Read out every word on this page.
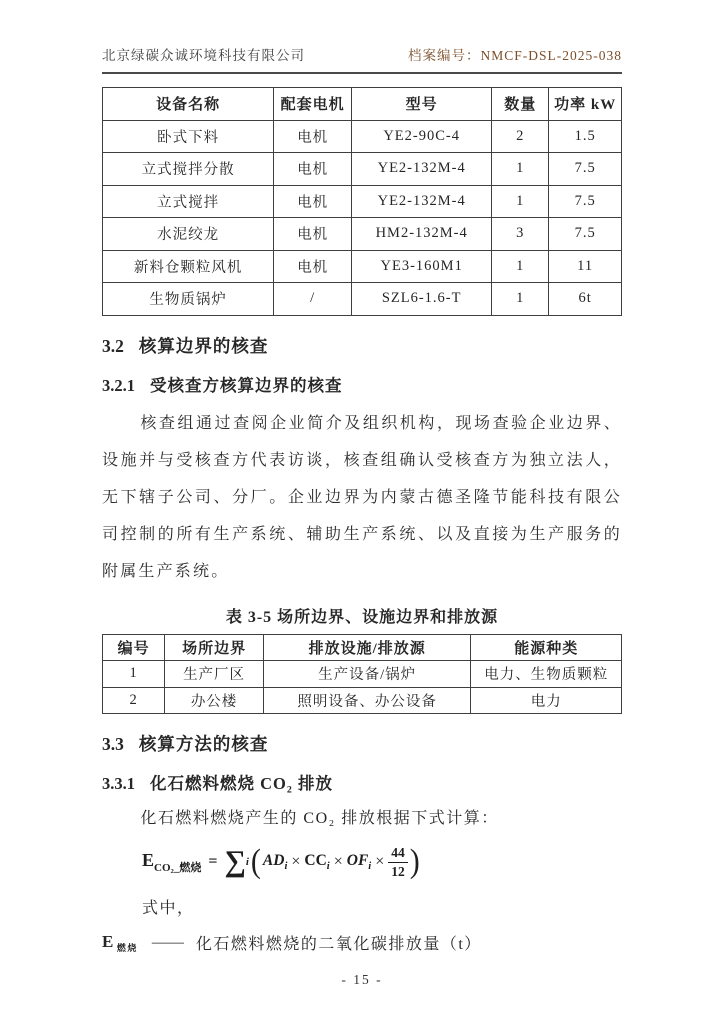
北京绿碳众诚环境科技有限公司	档案编号：NMCF-DSL-2025-038
设备名称	配套电机	型号	数量	功率 kW
卧式下料	电机	YE2-90C-4	2	1.5
立式搅拌分散	电机	YE2-132M-4	1	7.5
立式搅拌	电机	YE2-132M-4	1	7.5
水泥绞龙	电机	HM2-132M-4	3	7.5
新料仓颗粒风机	电机	YE3-160M1	1	11
生物质锅炉	/	SZL6-1.6-T	1	6t
3.2 核算边界的核查
3.2.1 受核查方核算边界的核查

核查组通过查阅企业简介及组织机构，现场查验企业边界、设施并与受核查方代表访谈，核查组确认受核查方为独立法人，无下辖子公司、分厂。企业边界为内蒙古德圣隆节能科技有限公司控制的所有生产系统、辅助生产系统、以及直接为生产服务的附属生产系统。

表 3-5 场所边界、设施边界和排放源
编号	场所边界	排放设施/排放源	能源种类
1	生产厂区	生产设备/锅炉	电力、生物质颗粒
2	办公楼	照明设备、办公设备	电力
3.3 核算方法的核查
3.3.1 化石燃料燃烧 CO₂ 排放

化石燃料燃烧产生的 CO₂ 排放根据下式计算：

$E_{CO_2\_燃烧}$ = ∑ i ( $AD_i \times CC_i \times OF_i \times \frac{44}{12}$ )

式中，

E $_{燃烧}$ —— 化石燃料燃烧的二氧化碳排放量（t）
- 15 -
